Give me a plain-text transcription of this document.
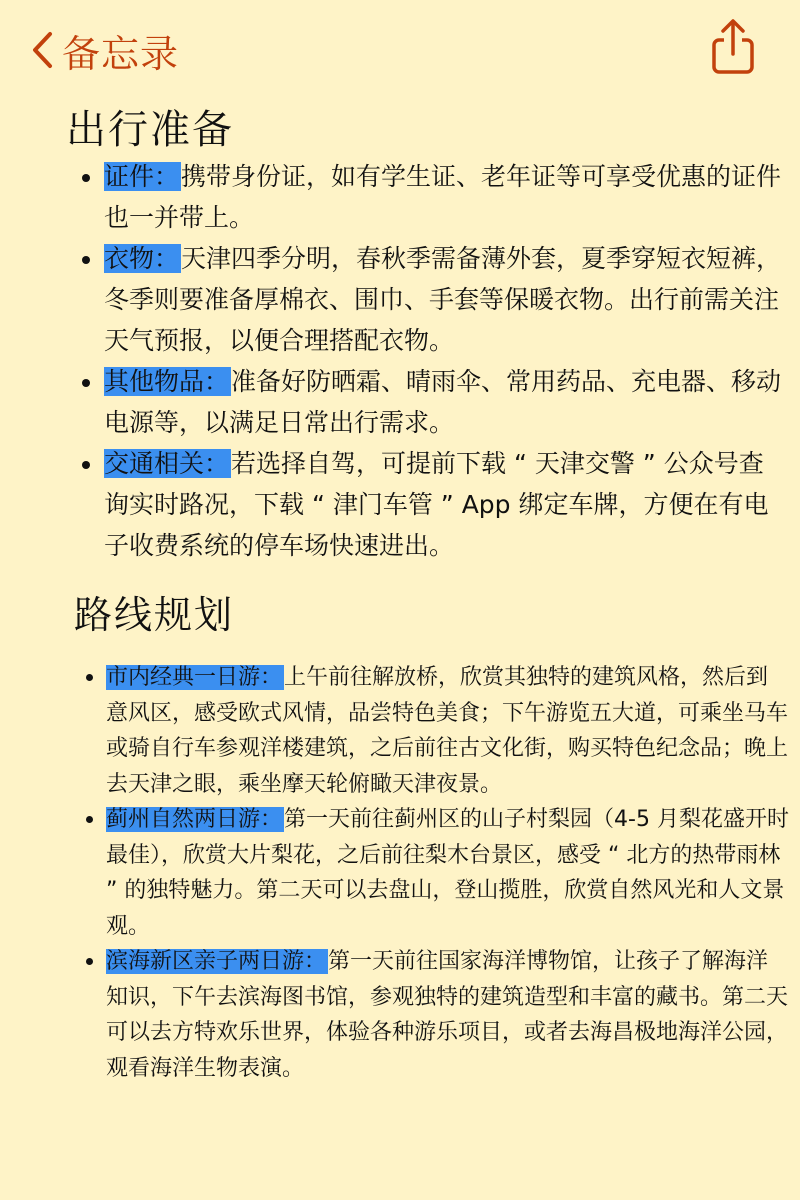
备忘录
出行准备
• 证件：携带身份证，如有学生证、老年证等可享受优惠的证件也一并带上。
• 衣物：天津四季分明，春秋季需备薄外套，夏季穿短衣短裤，冬季则要准备厚棉衣、围巾、手套等保暖衣物。出行前需关注天气预报，以便合理搭配衣物。
• 其他物品：准备好防晒霜、晴雨伞、常用药品、充电器、移动电源等，以满足日常出行需求。
• 交通相关：若选择自驾，可提前下载 “ 天津交警 ” 公众号查询实时路况，下载 “ 津门车管 ” App 绑定车牌，方便在有电子收费系统的停车场快速进出。
路线规划
• 市内经典一日游：上午前往解放桥，欣赏其独特的建筑风格，然后到意风区，感受欧式风情，品尝特色美食；下午游览五大道，可乘坐马车或骑自行车参观洋楼建筑，之后前往古文化街，购买特色纪念品；晚上去天津之眼，乘坐摩天轮俯瞰天津夜景。
• 蓟州自然两日游：第一天前往蓟州区的山子村梨园（4-5 月梨花盛开时最佳），欣赏大片梨花，之后前往梨木台景区，感受 “ 北方的热带雨林 ” 的独特魅力。第二天可以去盘山，登山揽胜，欣赏自然风光和人文景观。
• 滨海新区亲子两日游：第一天前往国家海洋博物馆，让孩子了解海洋知识，下午去滨海图书馆，参观独特的建筑造型和丰富的藏书。第二天可以去方特欢乐世界，体验各种游乐项目，或者去海昌极地海洋公园，观看海洋生物表演。
